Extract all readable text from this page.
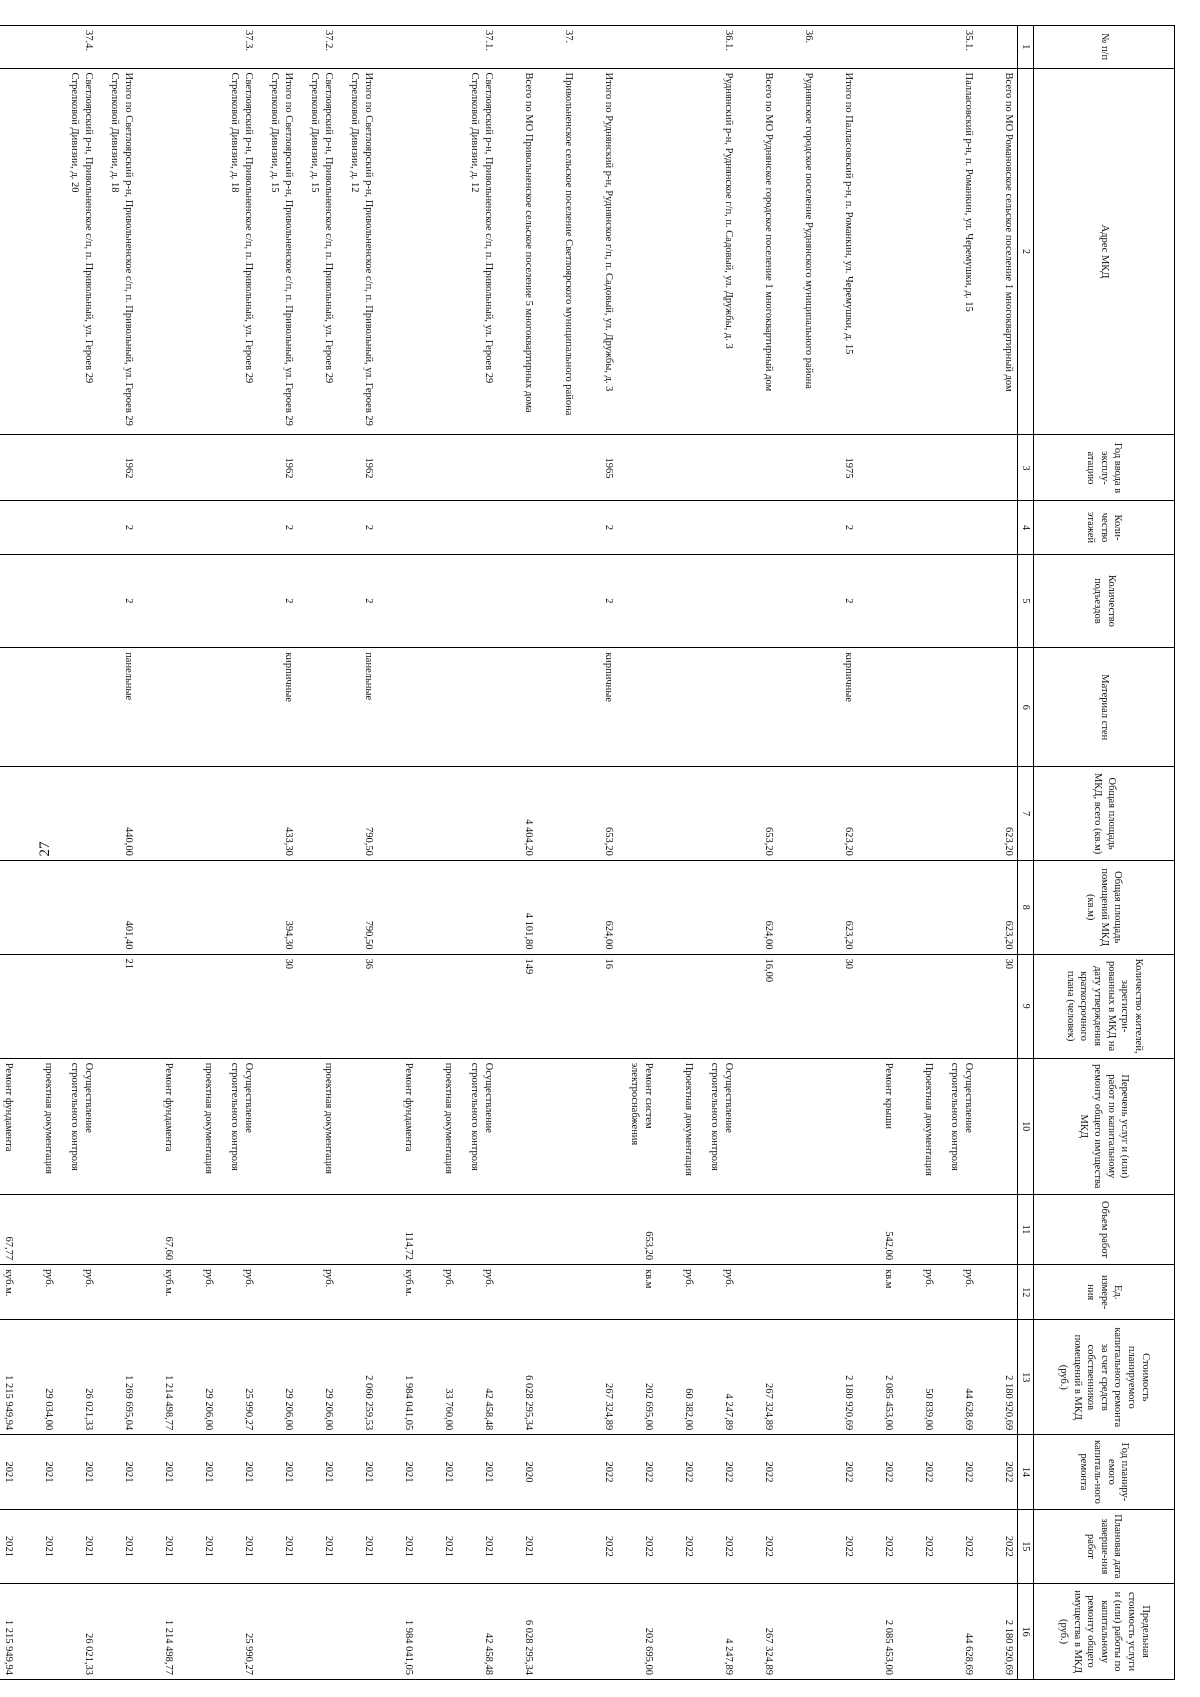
27
№ п/п	Адрес МКД	Год ввода в эксплу-атацию	Коли-чество этажей	Количество подъездов	Материал стен	Общая площадь МКД, всего (кв.м)	Общая площадь помещений МКД (кв.м)	Количество жителей, зарегистри-рованных в МКД на дату утверждения краткосрочного плана (человек)	Перечень услуг и (или) работ по капитальному ремонту общего имущества МКД	Объем работ	Ед. измере-ния	Стоимость планируемого капитального ремонта за счет средств собственников помещений в МКД (руб.)	Год планиру-емого капиталь-ного ремонта	Плановая дата заверше-ния работ	Предельная стоимость услуги и (или) работы по капитальному ремонту общего имущества в МКД (руб.)
1	2	3	4	5	6	7	8	9	10	11	12	13	14	15	16
	Всего по МО Романовское сельское поселение 1 многоквартирный дом					623,20	623,20	30				2 180 920,69	2022	2022	2 180 920,69
35.1.	Палласовский р-н, п. Романкин, ул. Черемушки, д. 15								Осуществление строительного контроля		руб.	44 628,69	2022	2022	44 628,69
									Проектная документация		руб.	50 839,00	2022	2022	
									Ремонт крыши	542,00	кв.м	2 085 453,00	2022	2022	2 085 453,00
	Итого по Палласовский р-н, п. Романкин, ул. Черемушки, д. 15	1975	2	2	кирпичные	623,20	623,20	30				2 180 920,69	2022	2022	
36.	Руднянское городское поселение Руднянского муниципального района														
	Всего по МО Руднянское городское поселение 1 многоквартирный дом					653,20	624,00	16,00				267 324,89	2022	2022	267 324,89
36.1.	Руднянский р-н, Руднянское г/п, п. Садовый, ул. Дружбы, д. 3								Осуществление строительного контроля		руб.	4 247,89	2022	2022	4 247,89
									Проектная документация		руб.	60 382,00	2022	2022	
									Ремонт систем электроснабжения	653,20	кв.м	202 695,00	2022	2022	202 695,00
	Итого по Руднянский р-н, Руднянское г/п, п. Садовый, ул. Дружбы, д. 3	1965	2	2	кирпичные	653,20	624,00	16				267 324,89	2022	2022	
37.	Привольненское сельское поселение Светлоярского муниципального района														
	Всего по МО Привольненское сельское поселение 5 многоквартирных дома					4 404,20	4 101,80	149				6 028 295,34	2020	2021	6 028 295,34
37.1.	Светлоярский р-н, Привольненское с/п, п. Привольный, ул. Героев 29 Стрелковой Дивизии, д. 12								Осуществление строительного контроля		руб.	42 458,48	2021	2021	42 458,48
									проектная документация		руб.	33 760,00	2021	2021	
									Ремонт фундамента	114,72	куб.м.	1 984 041,05	2021	2021	1 984 041,05
	Итого по Светлоярский р-н, Привольненское с/п, п. Привольный, ул. Героев 29 Стрелковой Дивизии, д. 12	1962	2	2	панельные	790,50	790,50	36				2 060 259,53	2021	2021	
37.2.	Светлоярский р-н, Привольненское с/п, п. Привольный, ул. Героев 29 Стрелковой Дивизии, д. 15								проектная документация		руб.	29 206,00	2021	2021	
	Итого по Светлоярский р-н, Привольненское с/п, п. Привольный, ул. Героев 29 Стрелковой Дивизии, д. 15	1962	2	2	кирпичные	433,30	394,30	30				29 206,00	2021	2021	
37.3.	Светлоярский р-н, Привольненское с/п, п. Привольный, ул. Героев 29 Стрелковой Дивизии, д. 18								Осуществление строительного контроля		руб.	25 990,27	2021	2021	25 990,27
									проектная документация		руб.	29 206,00	2021	2021	
									Ремонт фундамента	67,60	куб.м.	1 214 498,77	2021	2021	1 214 498,77
	Итого по Светлоярский р-н, Привольненское с/п, п. Привольный, ул. Героев 29 Стрелковой Дивизии, д. 18	1962	2	2	панельные	440,00	401,40	21				1 269 695,04	2021	2021	
37.4.	Светлоярский р-н, Привольненское с/п, п. Привольный, ул. Героев 29 Стрелковой Дивизии, д. 20								Осуществление строительного контроля		руб.	26 021,33	2021	2021	26 021,33
									проектная документация		руб.	29 034,00	2021	2021	
									Ремонт фундамента	67,77	куб.м.	1 215 949,94	2021	2021	1 215 949,94
